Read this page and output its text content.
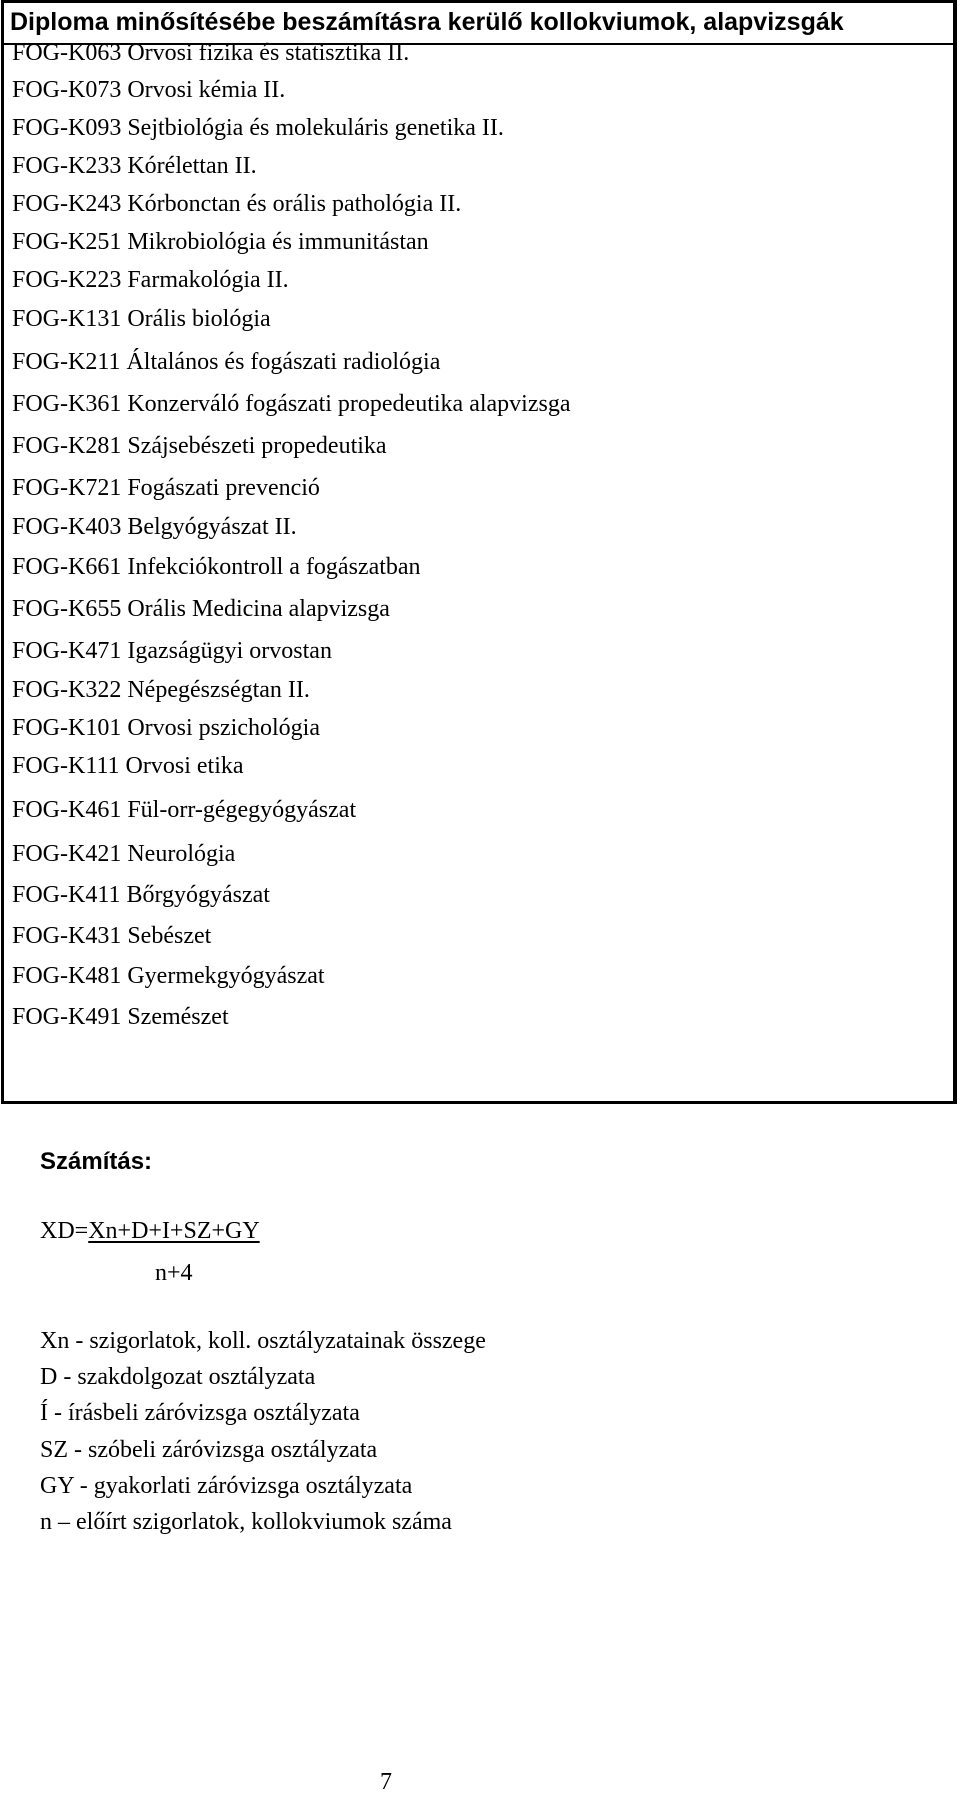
Diploma minősítésébe beszámításra kerülő kollokviumok, alapvizsgák
FOG-K063 Orvosi fizika és statisztika II.
FOG-K073 Orvosi kémia II.
FOG-K093 Sejtbiológia és molekuláris genetika II.
FOG-K233 Kórélettan II.
FOG-K243 Kórbonctan és orális pathológia II.
FOG-K251 Mikrobiológia és immunitástan
FOG-K223 Farmakológia II.
FOG-K131 Orális biológia
FOG-K211 Általános és fogászati radiológia
FOG-K361 Konzerváló fogászati propedeutika alapvizsga
FOG-K281 Szájsebészeti propedeutika
FOG-K721 Fogászati prevenció
FOG-K403 Belgyógyászat II.
FOG-K661 Infekciókontroll a fogászatban
FOG-K655 Orális Medicina alapvizsga
FOG-K471 Igazságügyi orvostan
FOG-K322 Népegészségtan II.
FOG-K101 Orvosi pszichológia
FOG-K111 Orvosi etika
FOG-K461 Fül-orr-gégegyógyászat
FOG-K421 Neurológia
FOG-K411 Bőrgyógyászat
FOG-K431 Sebészet
FOG-K481 Gyermekgyógyászat
FOG-K491 Szemészet
Számítás:
XD=Xn+D+I+SZ+GY
n+4
Xn - szigorlatok, koll. osztályzatainak összege
D - szakdolgozat osztályzata
Í - írásbeli záróvizsga osztályzata
SZ - szóbeli záróvizsga osztályzata
GY - gyakorlati záróvizsga osztályzata
n – előírt szigorlatok, kollokviumok száma
7
